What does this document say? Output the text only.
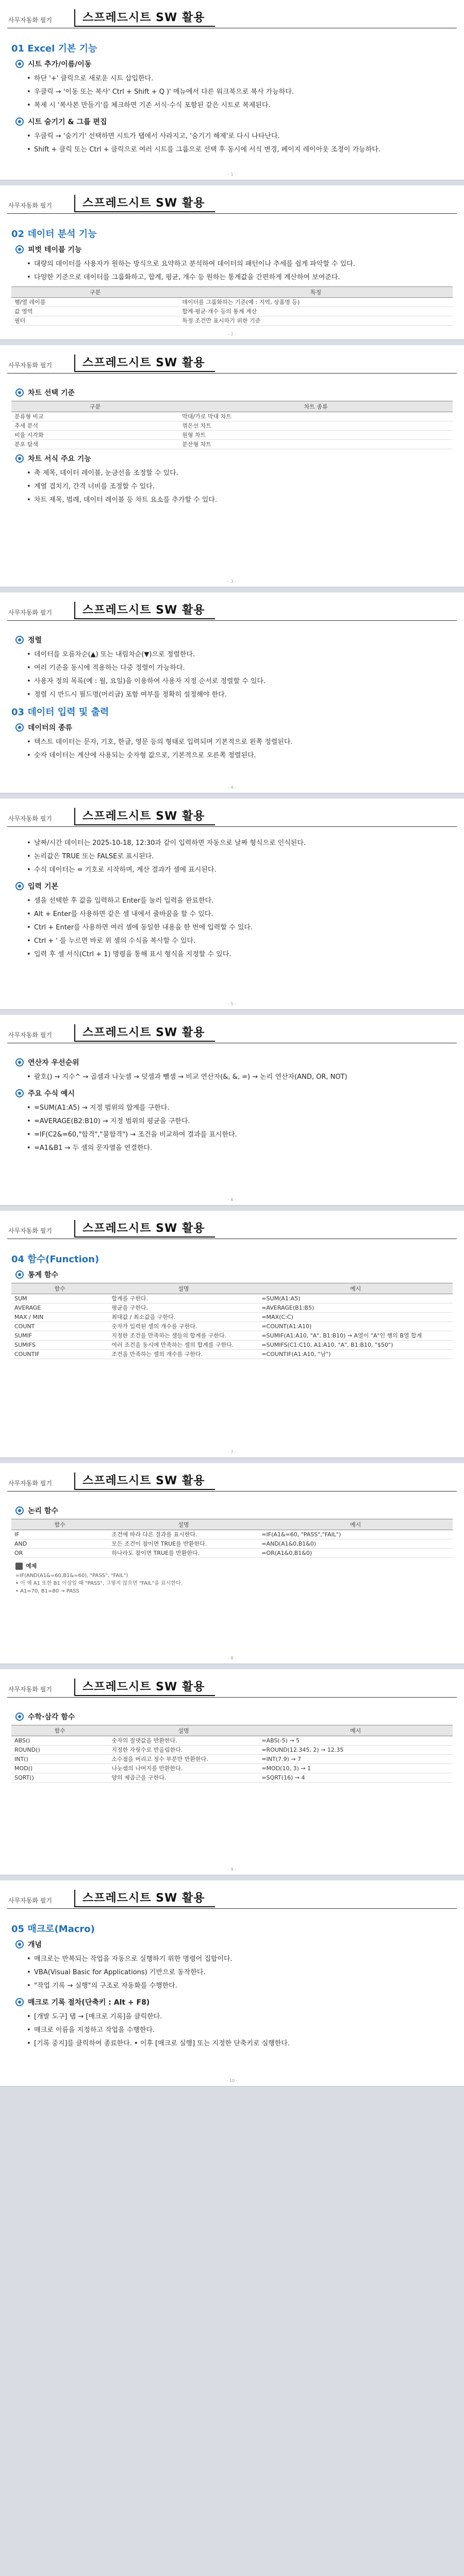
사무자동화 필기	스프레드시트 SW 활용
01 Excel 기본 기능
시트 추가/이름/이동
• 하단 '+' 클릭으로 새로운 시트 삽입한다.
• 우클릭 → '이동 또는 복사' Ctrl + Shift + Q )' 메뉴에서 다른 워크북으로 복사 가능하다.
• 복제 시 '복사본 만들기'를 체크하면 기존 서식·수식 포함된 같은 시트로 복제된다.
시트 숨기기 & 그룹 편집
• 우클릭 → '숨기기' 선택하면 시트가 탭에서 사라지고, '숨기기 해제'로 다시 나타난다.
• Shift + 클릭 또는 Ctrl + 클릭으로 여러 시트를 그룹으로 선택 후 동시에 서식 변경, 페이지 레이아웃 조정이 가능하다.
- 1 -
사무자동화 필기	스프레드시트 SW 활용
02 데이터 분석 기능
피벗 테이블 기능
• 대량의 데이터를 사용자가 원하는 방식으로 요약하고 분석하여 데이터의 패턴이나 추세를 쉽게 파악할 수 있다.
• 다양한 기준으로 데이터를 그룹화하고, 합계, 평균, 개수 등 원하는 통계값을 간편하게 계산하여 보여준다.
구분	특징
행/열 레이블	데이터를 그룹화하는 기준(예 : 지역, 상품명 등)
값 영역	합계·평균·개수 등의 통계 계산
필터	특정 조건만 표시하기 위한 기준
- 2 -
사무자동화 필기	스프레드시트 SW 활용
차트 선택 기준
구분	차트 종류
분류형 비교	막대/가로 막대 차트
추세 분석	꺾은선 차트
비율 시각화	원형 차트
분포 탐색	분산형 차트
차트 서식 주요 기능
• 축 제목, 데이터 레이블, 눈금선을 조정할 수 있다.
• 계열 겹치기, 간격 너비를 조정할 수 있다.
• 차트 제목, 범례, 데이터 레이블 등 차트 요소를 추가할 수 있다.
- 3 -
사무자동화 필기	스프레드시트 SW 활용
정렬
• 데이터를 오름차순(▲) 또는 내림차순(▼)으로 정렬한다.
• 여러 기준을 동시에 적용하는 다중 정렬이 가능하다.
• 사용자 정의 목록(예 : 월, 요일)을 이용하여 사용자 지정 순서로 정렬할 수 있다.
• 정렬 시 반드시 필드명(머리글) 포함 여부를 정확히 설정해야 한다.
03 데이터 입력 및 출력
데이터의 종류
• 텍스트 데이터는 문자, 기호, 한글, 영문 등의 형태로 입력되며 기본적으로 왼쪽 정렬된다.
• 숫자 데이터는 계산에 사용되는 숫자형 값으로, 기본적으로 오른쪽 정렬된다.
- 4 -
사무자동화 필기	스프레드시트 SW 활용
• 날짜/시간 데이터는 2025-10-18, 12:30과 같이 입력하면 자동으로 날짜 형식으로 인식된다.
• 논리값은 TRUE 또는 FALSE로 표시된다.
• 수식 데이터는 = 기호로 시작하며, 계산 결과가 셀에 표시된다.
입력 기본
• 셀을 선택한 후 값을 입력하고 Enter를 눌러 입력을 완료한다.
• Alt + Enter를 사용하면 같은 셀 내에서 줄바꿈을 할 수 있다.
• Ctrl + Enter를 사용하면 여러 셀에 동일한 내용을 한 번에 입력할 수 있다.
• Ctrl + ' 를 누르면 바로 위 셀의 수식을 복사할 수 있다.
• 입력 후 셀 서식(Ctrl + 1) 명령을 통해 표시 형식을 지정할 수 있다.
- 5 -
사무자동화 필기	스프레드시트 SW 활용
연산자 우선순위
• 괄호() → 지수^ → 곱셈과 나눗셈 → 덧셈과 뺄셈 → 비교 연산자(&, &, =) → 논리 연산자(AND, OR, NOT)
주요 수식 예시
• =SUM(A1:A5) → 지정 범위의 합계를 구한다.
• =AVERAGE(B2:B10) → 지정 범위의 평균을 구한다.
• =IF(C2&=60,"합격","불합격") → 조건을 비교하여 결과를 표시한다.
• =A1&B1 → 두 셀의 문자열을 연결한다.
- 6 -
사무자동화 필기	스프레드시트 SW 활용
04 함수(Function)
통계 함수
함수	설명	예시
SUM	합계를 구한다.	=SUM(A1:A5)
AVERAGE	평균을 구한다.	=AVERAGE(B1:B5)
MAX / MIN	최대값 / 최소값을 구한다.	=MAX(C:C)
COUNT	숫자가 입력된 셀의 개수를 구한다.	=COUNT(A1:A10)
SUMIF	지정한 조건을 만족하는 셀들의 합계를 구한다.	=SUMIF(A1:A10, "A", B1:B10) → A열이 "A"인 행의 B열 합계
SUMIFS	여러 조건을 동시에 만족하는 셀의 합계를 구한다.	=SUMIFS(C1:C10, A1:A10, "A", B1:B10, "$50")
COUNTIF	조건을 만족하는 셀의 개수를 구한다.	=COUNTIF(A1:A10, "남")
- 7 -
사무자동화 필기	스프레드시트 SW 활용
논리 함수
함수	설명	예시
IF	조건에 따라 다른 결과를 표시한다.	=IF(A1&=60, "PASS","FAIL")
AND	모든 조건이 참이면 TRUE를 반환한다.	=AND(A1&0,B1&0)
OR	하나라도 참이면 TRUE를 반환한다.	=OR(A1&0,B1&0)
예제
=IF(AND(A1&=60,B1&=60), "PASS", "FAIL")
• 이 예 A1 또한 B1 이상일 때 "PASS", 그렇지 않으면 "FAIL"을 표시한다.
• A1=70, B1=80 → PASS
- 8 -
사무자동화 필기	스프레드시트 SW 활용
수학·삼각 함수
함수	설명	예시
ABS()	숫자의 절댓값을 반환한다.	=ABS(-5) → 5
ROUND()	지정한 자릿수로 반올림한다.	=ROUND(12.345, 2) → 12.35
INT()	소수점을 버리고 정수 부분만 반환한다.	=INT(7.9) → 7
MOD()	나눗셈의 나머지를 반환한다.	=MOD(10, 3) → 1
SQRT()	양의 제곱근을 구한다.	=SQRT(16) → 4
- 9 -
사무자동화 필기	스프레드시트 SW 활용
05 매크로(Macro)
개념
• 매크로는 반복되는 작업을 자동으로 실행하기 위한 명령어 집합이다.
• VBA(Visual Basic for Applications) 기반으로 동작한다.
• "작업 기록 → 실행"의 구조로 자동화를 수행한다.
매크로 기록 절차(단축키 : Alt + F8)
• [개발 도구] 탭 → [매크로 기록]을 클릭한다.
• 매크로 이름을 지정하고 작업을 수행한다.
• [기록 중지]를 클릭하여 종료한다. • 이후 [매크로 실행] 또는 지정한 단축키로 실행한다.
- 10 -
